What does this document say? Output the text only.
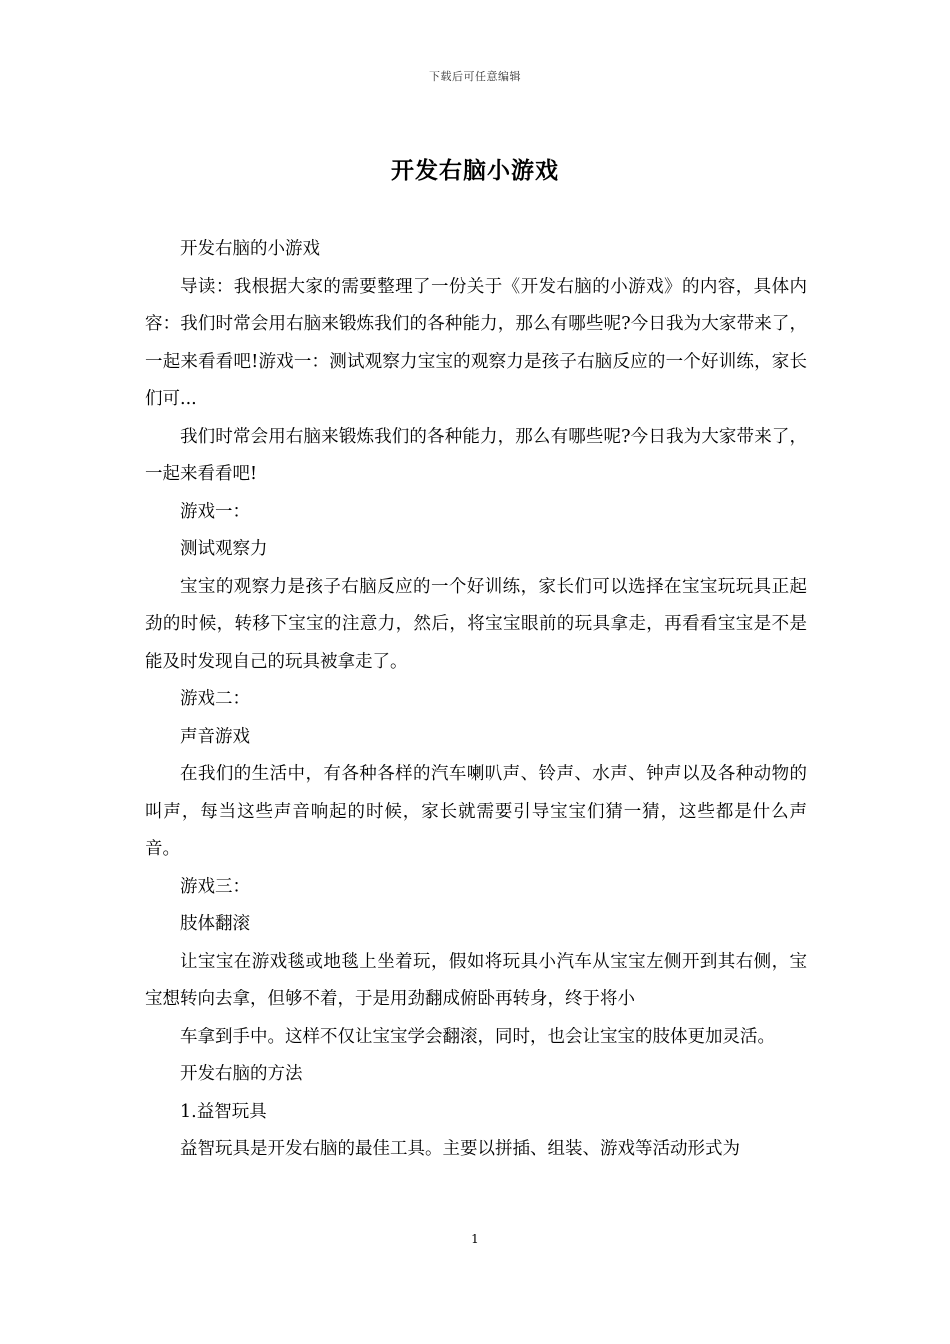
下载后可任意编辑
开发右脑小游戏

开发右脑的小游戏

导读：我根据大家的需要整理了一份关于《开发右脑的小游戏》的内容，具体内容：我们时常会用右脑来锻炼我们的各种能力，那么有哪些呢?今日我为大家带来了，一起来看看吧!游戏一：测试观察力宝宝的观察力是孩子右脑反应的一个好训练，家长们可...

我们时常会用右脑来锻炼我们的各种能力，那么有哪些呢?今日我为大家带来了，一起来看看吧!

游戏一：

测试观察力

宝宝的观察力是孩子右脑反应的一个好训练，家长们可以选择在宝宝玩玩具正起劲的时候，转移下宝宝的注意力，然后，将宝宝眼前的玩具拿走，再看看宝宝是不是能及时发现自己的玩具被拿走了。

游戏二：

声音游戏

在我们的生活中，有各种各样的汽车喇叭声、铃声、水声、钟声以及各种动物的叫声，每当这些声音响起的时候，家长就需要引导宝宝们猜一猜，这些都是什么声音。

游戏三：

肢体翻滚

让宝宝在游戏毯或地毯上坐着玩，假如将玩具小汽车从宝宝左侧开到其右侧，宝宝想转向去拿，但够不着，于是用劲翻成俯卧再转身，终于将小

车拿到手中。这样不仅让宝宝学会翻滚，同时，也会让宝宝的肢体更加灵活。

开发右脑的方法

1.益智玩具

益智玩具是开发右脑的最佳工具。主要以拼插、组装、游戏等活动形式为

1
